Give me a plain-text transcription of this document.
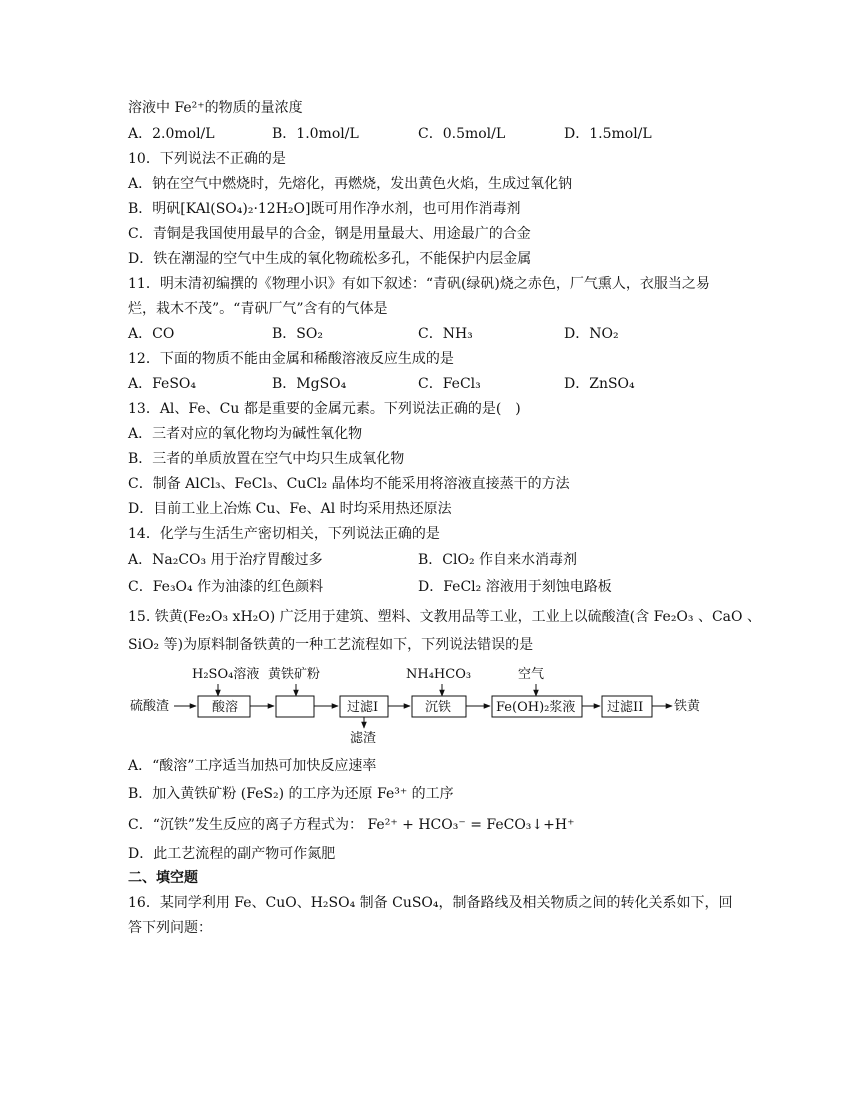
溶液中 Fe²⁺的物质的量浓度
A．2.0mol/L	B．1.0mol/L	C．0.5mol/L	D．1.5mol/L
10．下列说法不正确的是
A．钠在空气中燃烧时，先熔化，再燃烧，发出黄色火焰，生成过氧化钠
B．明矾[KAl(SO₄)₂·12H₂O]既可用作净水剂，也可用作消毒剂
C．青铜是我国使用最早的合金，钢是用量最大、用途最广的合金
D．铁在潮湿的空气中生成的氧化物疏松多孔，不能保护内层金属
11．明末清初编撰的《物理小识》有如下叙述：“青矾(绿矾)烧之赤色，厂气熏人，衣服当之易
烂，栽木不茂”。“青矾厂气”含有的气体是
A．CO	B．SO₂	C．NH₃	D．NO₂
12．下面的物质不能由金属和稀酸溶液反应生成的是
A．FeSO₄	B．MgSO₄	C．FeCl₃	D．ZnSO₄
13．Al、Fe、Cu 都是重要的金属元素。下列说法正确的是(　)
A．三者对应的氧化物均为碱性氧化物
B．三者的单质放置在空气中均只生成氧化物
C．制备 AlCl₃、FeCl₃、CuCl₂ 晶体均不能采用将溶液直接蒸干的方法
D．目前工业上冶炼 Cu、Fe、Al 时均采用热还原法
14．化学与生活生产密切相关，下列说法正确的是
A．Na₂CO₃ 用于治疗胃酸过多	B．ClO₂ 作自来水消毒剂
C．Fe₃O₄ 作为油漆的红色颜料	D．FeCl₂ 溶液用于刻蚀电路板
15. 铁黄(Fe₂O₃ xH₂O) 广泛用于建筑、塑料、文教用品等工业，工业上以硫酸渣(含 Fe₂O₃ 、CaO 、
SiO₂ 等)为原料制备铁黄的一种工艺流程如下，下列说法错误的是
H₂SO₄溶液 黄铁矿粉	NH₄HCO₃	空气
硫酸渣	酸溶	过滤I
滤渣
沉铁	Fe(OH)₂浆液 过滤II 铁黄
A．“酸溶”工序适当加热可加快反应速率
B．加入黄铁矿粉 (FeS₂) 的工序为还原 Fe³⁺ 的工序
C．“沉铁”发生反应的离子方程式为： Fe²⁺ + HCO₃⁻ = FeCO₃↓+H⁺
D．此工艺流程的副产物可作氮肥
二、填空题
16．某同学利用 Fe、CuO、H₂SO₄ 制备 CuSO₄，制备路线及相关物质之间的转化关系如下，回
答下列问题：
